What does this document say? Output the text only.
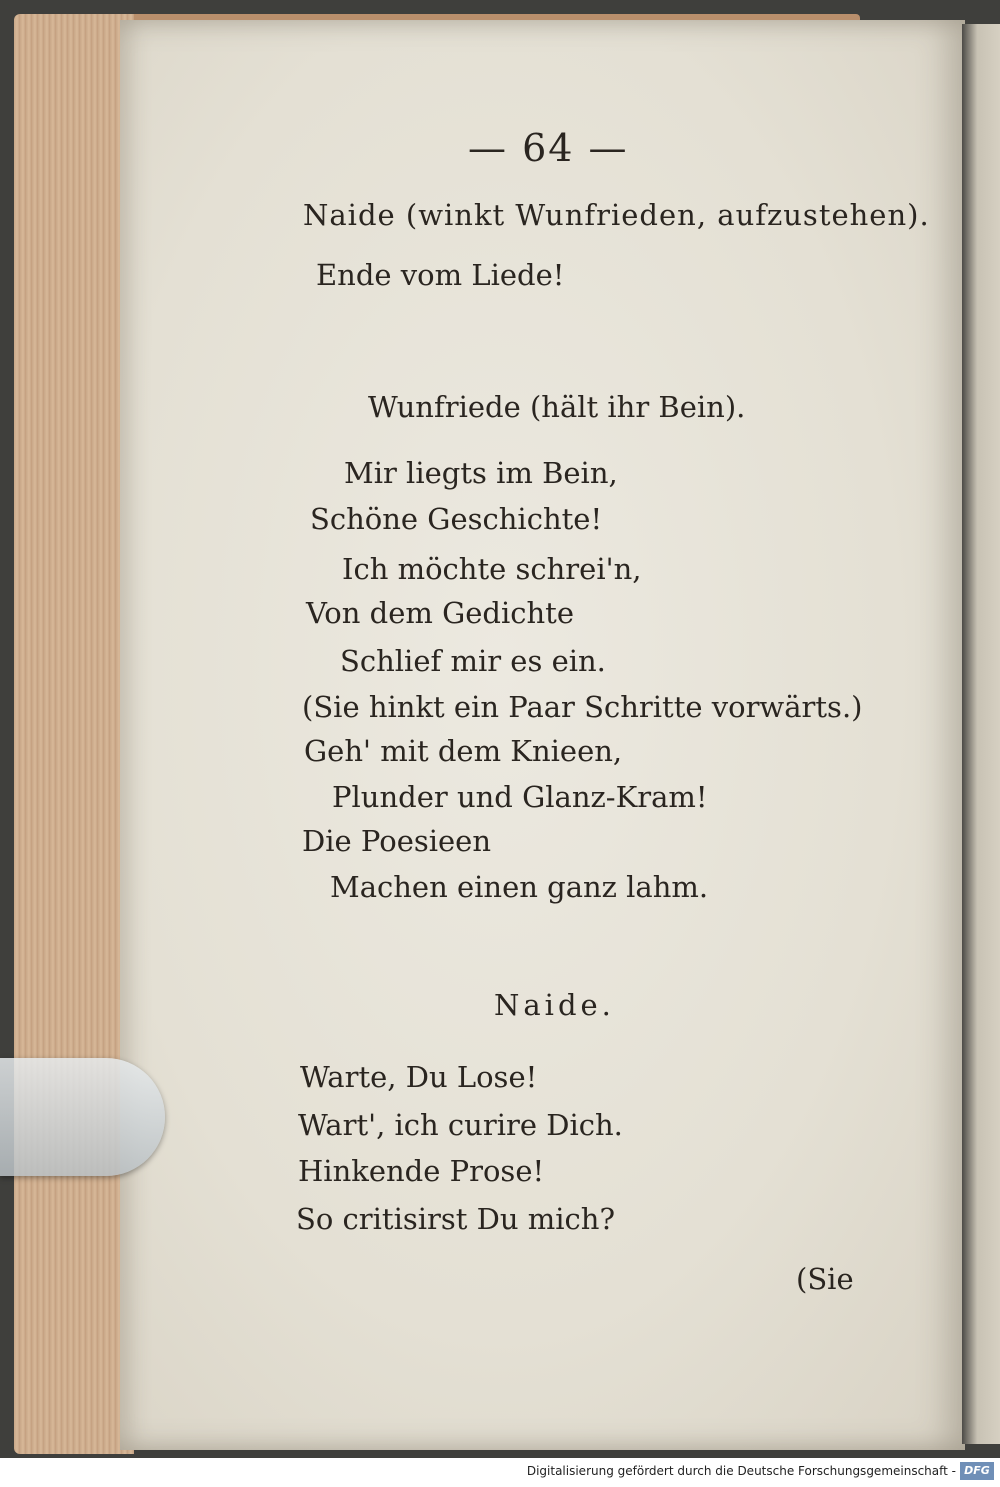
— 64 —
Naide (winkt Wunfrieden, aufzustehen).
Ende vom Liede!
Wunfriede (hält ihr Bein).
Mir liegts im Bein,
Schöne Geschichte!
Ich möchte schrei'n,
Von dem Gedichte
Schlief mir es ein.
(Sie hinkt ein Paar Schritte vorwärts.)
Geh' mit dem Knieen,
Plunder und Glanz-Kram!
Die Poesieen
Machen einen ganz lahm.
Naide.
Warte, Du Lose!
Wart', ich curire Dich.
Hinkende Prose!
So critisirst Du mich?
(Sie
Digitalisierung gefördert durch die Deutsche Forschungsgemeinschaft - DFG
